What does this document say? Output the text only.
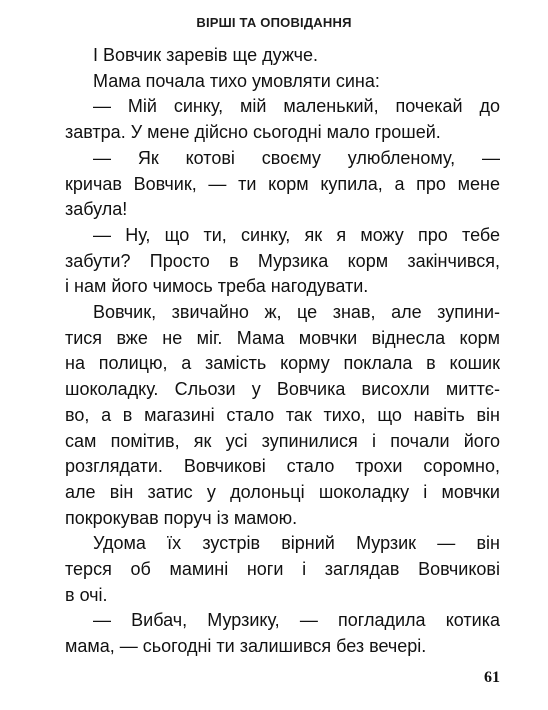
ВІРШІ ТА ОПОВІДАННЯ
І Вовчик заревів ще дужче.
Мама почала тихо умовляти сина:
— Мій синку, мій маленький, почекай до
завтра. У мене дійсно сьогодні мало грошей.
— Як котові своєму улюбленому, —
кричав Вовчик, — ти корм купила, а про мене
забула!
— Ну, що ти, синку, як я можу про тебе
забути? Просто в Мурзика корм закінчився,
і нам його чимось треба нагодувати.
Вовчик, звичайно ж, це знав, але зупини-
тися вже не міг. Мама мовчки віднесла корм
на полицю, а замість корму поклала в кошик
шоколадку. Сльози у Вовчика висохли миттє-
во, а в магазині стало так тихо, що навіть він
сам помітив, як усі зупинилися і почали його
розглядати. Вовчикові стало трохи соромно,
але він затис у долоньці шоколадку і мовчки
покрокував поруч із мамою.
Удома їх зустрів вірний Мурзик — він
терся об мамині ноги і заглядав Вовчикові
в очі.
— Вибач, Мурзику, — погладила котика
мама, — сьогодні ти залишився без вечері.
61
